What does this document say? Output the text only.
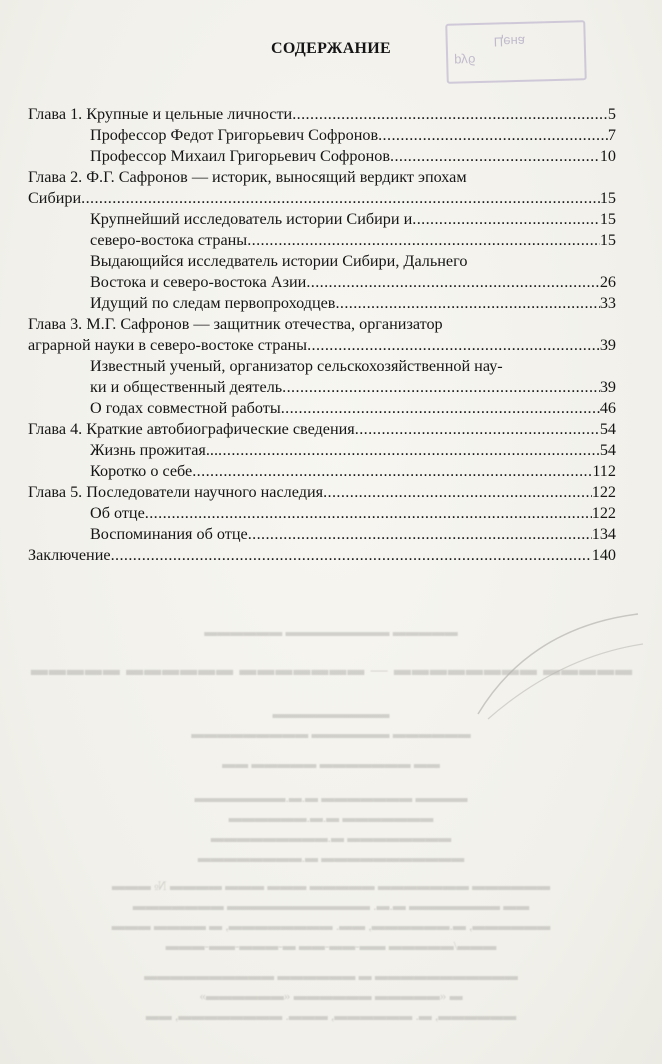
Цена
руб
СОДЕРЖАНИЕ
Глава 1. Крупные и цельные личности .....	5
Профессор Федот Григорьевич Софронов .....	7
Профессор Михаил Григорьевич Софронов .....	10
Глава 2. Ф.Г. Сафронов — историк, выносящий вердикт эпохам
Сибири .....	15
Крупнейший исследователь истории Сибири и .....	15
северо-востока страны .....	15
Выдающийся исследватель истории Сибири, Дальнего
Востока и северо-востока Азии .....	26
Идущий по следам первопроходцев .....	33
Глава 3. М.Г. Сафронов — защитник отечества, организатор
аграрной науки в северо-востоке страны .....	39
Известный ученый, организатор сельскохозяйственной нау-
ки и общественный деятель .....	39
О годах совместной работы .....	46
Глава 4. Краткие автобиографические сведения .....	54
Жизнь прожитая... .....	54
Коротко о себе .....	112
Глава 5. Последователи научного наследия .....	122
Об отце .....	122
Воспоминания об отце .....	134
Заключение .....	140
▬▬▬▬▬ ▬▬▬▬▬▬▬▬ ▬▬▬▬▬▬
▬▬▬▬▬ ▬▬▬▬▬▬▬▬ — ▬▬▬▬▬▬▬ ▬▬▬▬▬▬ ▬▬▬▬▬
▬▬▬▬▬▬▬▬▬
▬▬▬▬▬▬ ▬▬▬▬▬▬ ▬▬▬▬▬▬▬▬▬
▬▬ ▬▬▬▬▬▬▬ ▬▬▬▬▬ ▬▬
▬▬▬▬ ▬▬▬▬▬▬▬ ▬.▬.▬▬▬▬▬▬▬
▬▬▬▬▬▬▬ ▬.▬.▬▬▬▬▬▬
▬▬▬▬▬▬▬▬ ▬.▬▬▬▬▬▬▬▬▬
▬▬▬▬▬▬▬▬▬▬▬ ▬.▬▬▬▬▬▬▬▬
▬▬▬▬▬▬ ▬▬▬▬▬▬▬ ▬▬▬▬▬ ▬▬▬ ▬▬▬ ▬▬▬▬ № ▬▬▬
▬▬ ▬▬▬▬▬▬▬ ▬.▬. ▬▬▬▬▬▬▬▬▬▬▬ ▬▬▬▬▬▬▬
▬▬▬▬▬▬, ▬.▬▬▬▬▬▬, ▬▬. ▬▬▬▬▬▬▬▬, ▬ ▬▬▬▬ ▬▬▬
▬▬▬/▬▬▬▬▬ ▬▬-▬▬-▬▬ ▬-▬▬▬-▬▬-▬▬▬
▬▬▬▬▬▬▬▬▬▬▬ ▬ ▬▬▬▬▬▬ ▬▬▬▬▬▬▬▬▬▬
▬ «▬▬▬▬▬ ▬▬▬▬▬▬ «▬▬▬▬▬▬»
▬▬▬▬▬▬, ▬. ▬▬▬▬▬▬, ▬▬▬. ▬▬▬▬▬▬▬▬, ▬▬
